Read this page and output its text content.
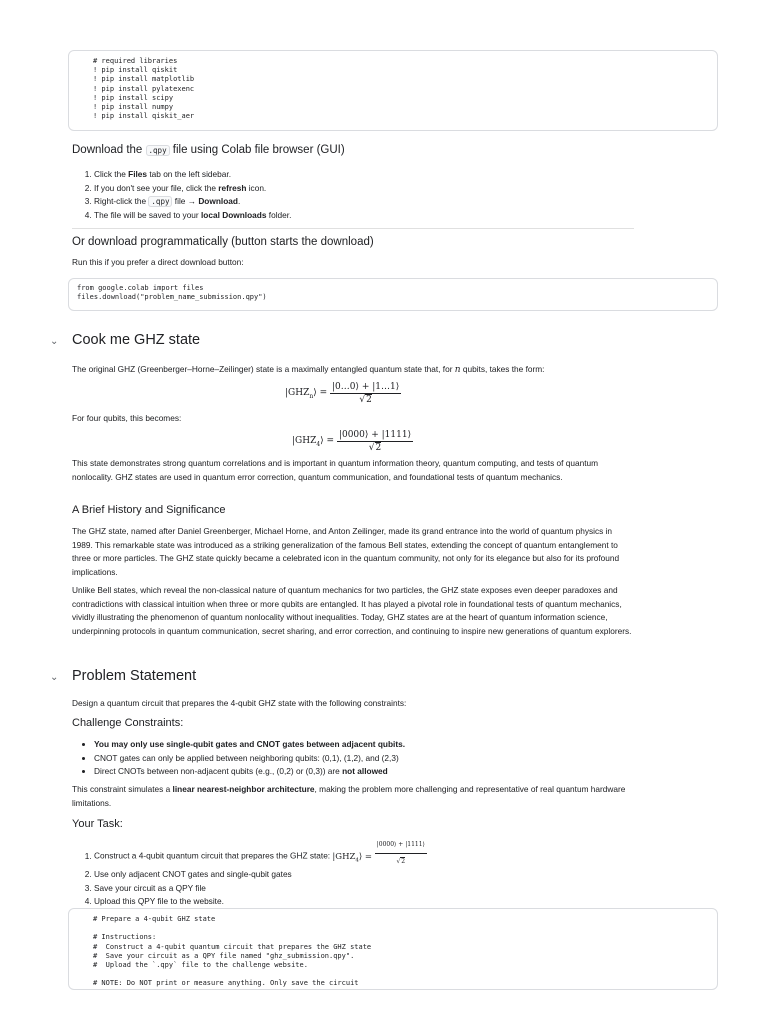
# required libraries
! pip install qiskit
! pip install matplotlib
! pip install pylatexenc
! pip install scipy
! pip install numpy
! pip install qiskit_aer

Download the .qpy file using Colab file browser (GUI)
1. Click the Files tab on the left sidebar.
2. If you don't see your file, click the refresh icon.
3. Right-click the .qpy file → Download.
4. The file will be saved to your local Downloads folder.
Or download programmatically (button starts the download)
Run this if you prefer a direct download button:
from google.colab import files
files.download("problem_name_submission.qpy")

⌄ Cook me GHZ state
The original GHZ (Greenberger–Horne–Zeilinger) state is a maximally entangled quantum state that, for n qubits, takes the form:
$|GHZ_n⟩ = \frac{|0\dots 0⟩ + |1\dots 1⟩}{√2}$
For four qubits, this becomes:
$|GHZ_4⟩ = \frac{|0000⟩ + |1111⟩}{√2}$
This state demonstrates strong quantum correlations and is important in quantum information theory, quantum computing, and tests of quantum nonlocality. GHZ states are used in quantum error correction, quantum communication, and foundational tests of quantum mechanics.
A Brief History and Significance
The GHZ state, named after Daniel Greenberger, Michael Horne, and Anton Zeilinger, made its grand entrance into the world of quantum physics in 1989. This remarkable state was introduced as a striking generalization of the famous Bell states, extending the concept of quantum entanglement to three or more particles. The GHZ state quickly became a celebrated icon in the quantum community, not only for its elegance but also for its profound implications.
Unlike Bell states, which reveal the non-classical nature of quantum mechanics for two particles, the GHZ state exposes even deeper paradoxes and contradictions with classical intuition when three or more qubits are entangled. It has played a pivotal role in foundational tests of quantum mechanics, vividly illustrating the phenomenon of quantum nonlocality without inequalities. Today, GHZ states are at the heart of quantum information science, underpinning protocols in quantum communication, secret sharing, and error correction, and continuing to inspire new generations of quantum explorers.
⌄ Problem Statement
Design a quantum circuit that prepares the 4-qubit GHZ state with the following constraints:
Challenge Constraints:
• You may only use single-qubit gates and CNOT gates between adjacent qubits.
• CNOT gates can only be applied between neighboring qubits: (0,1), (1,2), and (2,3)
• Direct CNOTs between non-adjacent qubits (e.g., (0,2) or (0,3)) are not allowed
This constraint simulates a linear nearest-neighbor architecture, making the problem more challenging and representative of real quantum hardware limitations.
Your Task:
1. Construct a 4-qubit quantum circuit that prepares the GHZ state: $|GHZ_4⟩ = \frac{|0000⟩ + |1111⟩}{√2}$
2. Use only adjacent CNOT gates and single-qubit gates
3. Save your circuit as a QPY file
4. Upload this QPY file to the website.
# Prepare a 4-qubit GHZ state

# Instructions:
#  Construct a 4-qubit quantum circuit that prepares the GHZ state
#  Save your circuit as a QPY file named "ghz_submission.qpy".
#  Upload the `.qpy` file to the challenge website.

# NOTE: Do NOT print or measure anything. Only save the circuit
